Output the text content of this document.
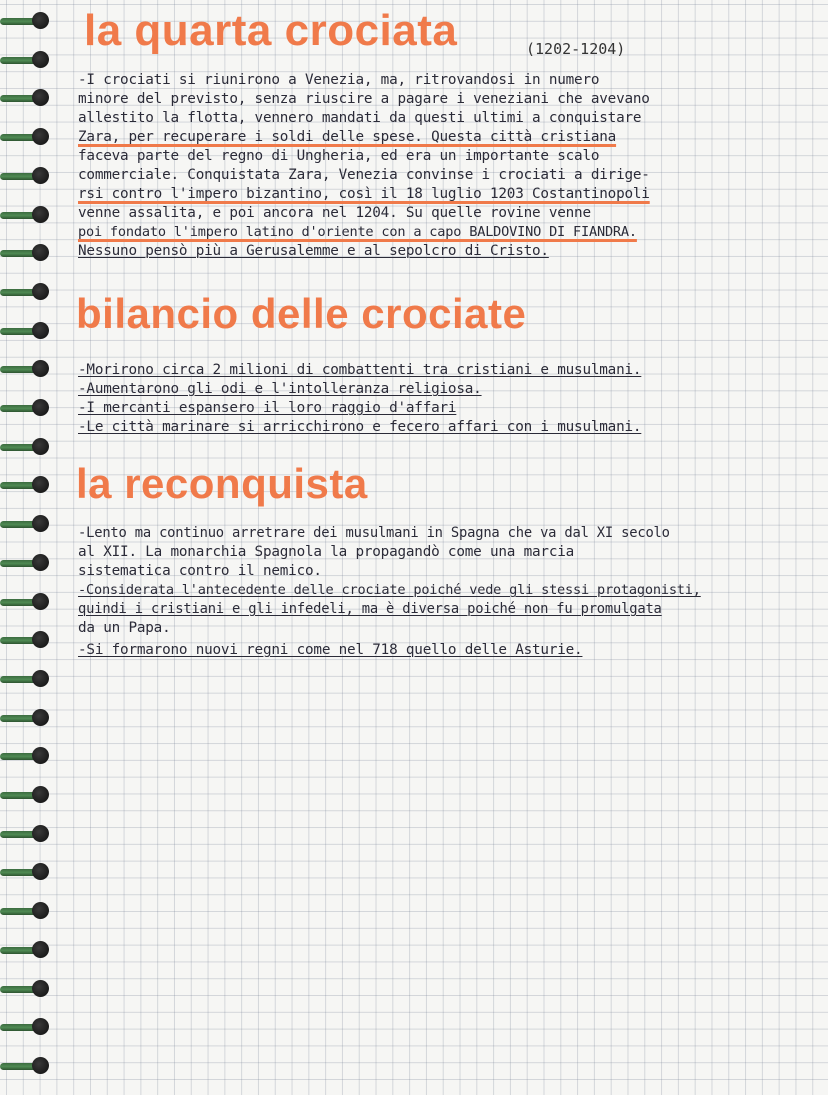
la quarta crociata	(1202-1204)
-I crociati si riunirono a Venezia, ma, ritrovandosi in numero
minore del previsto, senza riuscire a pagare i veneziani che avevano
allestito la flotta, vennero mandati da questi ultimi a conquistare
Zara, per recuperare i soldi delle spese. Questa città cristiana
faceva parte del regno di Ungheria, ed era un importante scalo
commerciale. Conquistata Zara, Venezia convinse i crociati a dirige-
rsi contro l'impero bizantino, così il 18 luglio 1203 Costantinopoli
venne assalita, e poi ancora nel 1204. Su quelle rovine venne
poi fondato l'impero latino d'oriente con a capo BALDOVINO DI FIANDRA.
Nessuno pensò più a Gerusalemme e al sepolcro di Cristo.
bilancio delle crociate
-Morirono circa 2 milioni di combattenti tra cristiani e musulmani.
-Aumentarono gli odi e l'intolleranza religiosa.
-I mercanti espansero il loro raggio d'affari
-Le città marinare si arricchirono e fecero affari con i musulmani.
la reconquista
-Lento ma continuo arretrare dei musulmani in Spagna che va dal XI secolo
al XII. La monarchia Spagnola la propagandò come una marcia
sistematica contro il nemico.
-Considerata l'antecedente delle crociate poiché vede gli stessi protagonisti,
quindi i cristiani e gli infedeli, ma è diversa poiché non fu promulgata
da un Papa.
-Si formarono nuovi regni come nel 718 quello delle Asturie.
